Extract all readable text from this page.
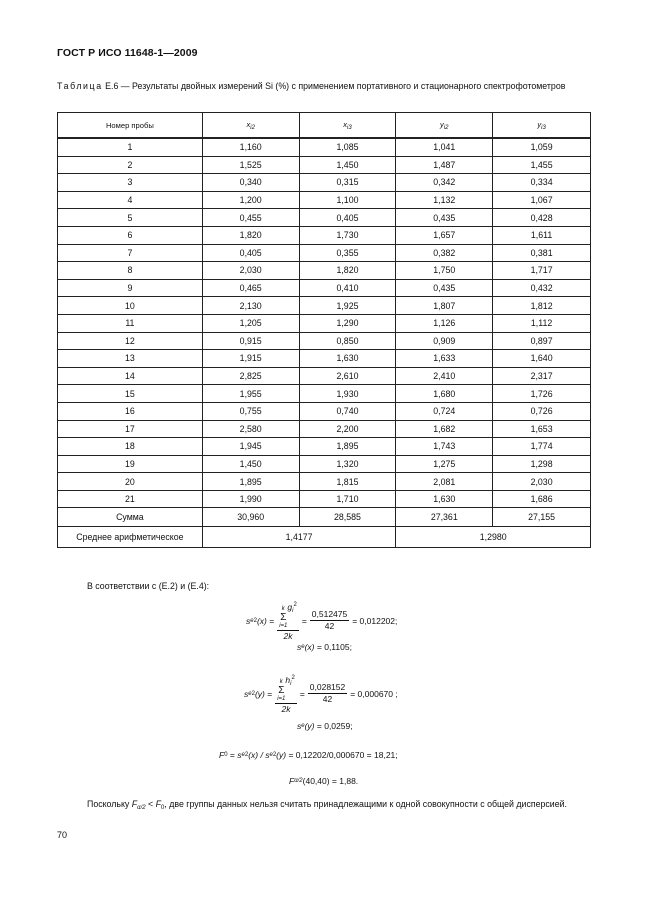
ГОСТ Р ИСО 11648-1—2009
Таблица Е.6 — Результаты двойных измерений Si (%) с применением портативного и стационарного спектрофотометров
Номер пробы	$x_{i2}$	$x_{i3}$	$y_{i2}$	$y_{i3}$
1	1,160	1,085	1,041	1,059
2	1,525	1,450	1,487	1,455
3	0,340	0,315	0,342	0,334
4	1,200	1,100	1,132	1,067
5	0,455	0,405	0,435	0,428
6	1,820	1,730	1,657	1,611
7	0,405	0,355	0,382	0,381
8	2,030	1,820	1,750	1,717
9	0,465	0,410	0,435	0,432
10	2,130	1,925	1,807	1,812
11	1,205	1,290	1,126	1,112
12	0,915	0,850	0,909	0,897
13	1,915	1,630	1,633	1,640
14	2,825	2,610	2,410	2,317
15	1,955	1,930	1,680	1,726
16	0,755	0,740	0,724	0,726
17	2,580	2,200	1,682	1,653
18	1,945	1,895	1,743	1,774
19	1,450	1,320	1,275	1,298
20	1,895	1,815	2,081	2,030
21	1,990	1,710	1,630	1,686
Сумма	30,960	28,585	27,361	27,155
Среднее арифметическое	1,4177		1,2980	
В соответствии с (Е.2) и (Е.4):
s e 2 (x)
= k
Σ
i=1
$g_i^2$
$2k = \frac{0,512475}{42} = 0,012202$;
s e (x)
= 0,1105;
s e 2 (y)
= k
Σ
i=1
$h_i^2$
$2k = \frac{0,028152}{42} = 0,000670$ ;
s e (y)
= 0,0259;
F 0
=
s e 2 (x) /
s e 2 (y)
= 0,12202/0,000670 = 18,21;
F α/2 (40,40) = 1,88.
Поскольку $F_{\alpha/2} < F_0$, две группы данных нельзя считать принадлежащими к одной совокупности с общей дисперсией.
70
